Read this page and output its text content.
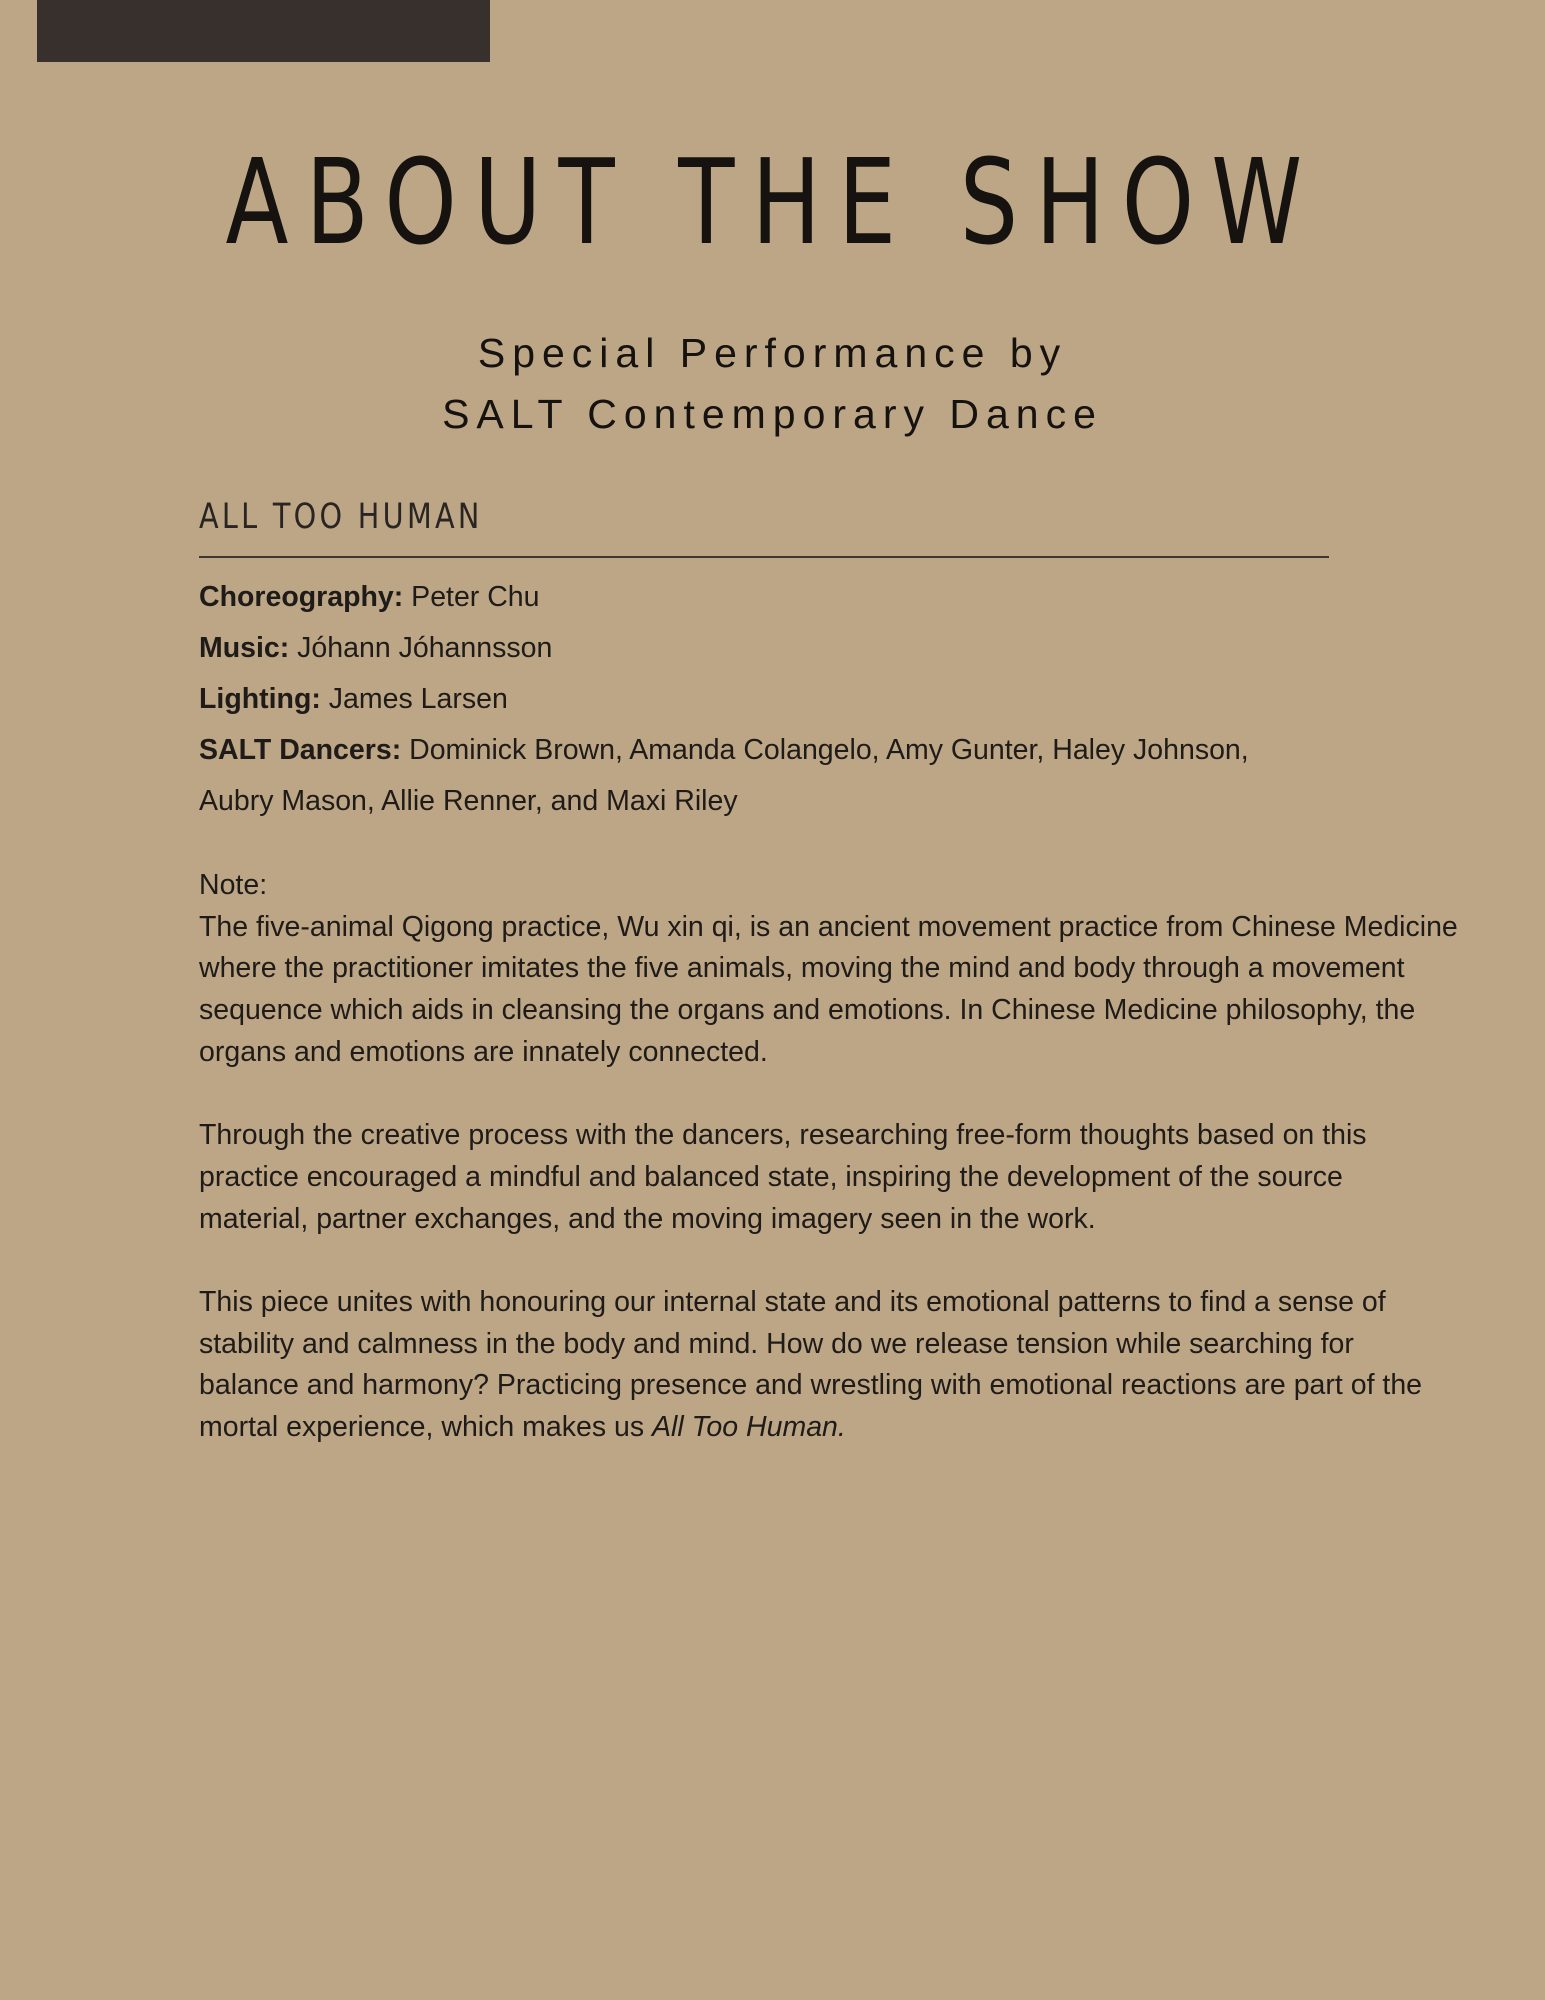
ABOUT THE SHOW
Special Performance by
SALT Contemporary Dance
ALL TOO HUMAN
Choreography: Peter Chu
Music: Jóhann Jóhannsson
Lighting: James Larsen
SALT Dancers: Dominick Brown, Amanda Colangelo, Amy Gunter, Haley Johnson,
Aubry Mason, Allie Renner, and Maxi Riley

Note:

The five-animal Qigong practice, Wu xin qi, is an ancient movement practice from Chinese Medicine where the practitioner imitates the five animals, moving the mind and body through a movement sequence which aids in cleansing the organs and emotions. In Chinese Medicine philosophy, the organs and emotions are innately connected.

Through the creative process with the dancers, researching free-form thoughts based on this practice encouraged a mindful and balanced state, inspiring the development of the source material, partner exchanges, and the moving imagery seen in the work.

This piece unites with honouring our internal state and its emotional patterns to find a sense of stability and calmness in the body and mind. How do we release tension while searching for balance and harmony? Practicing presence and wrestling with emotional reactions are part of the mortal experience, which makes us All Too Human.
